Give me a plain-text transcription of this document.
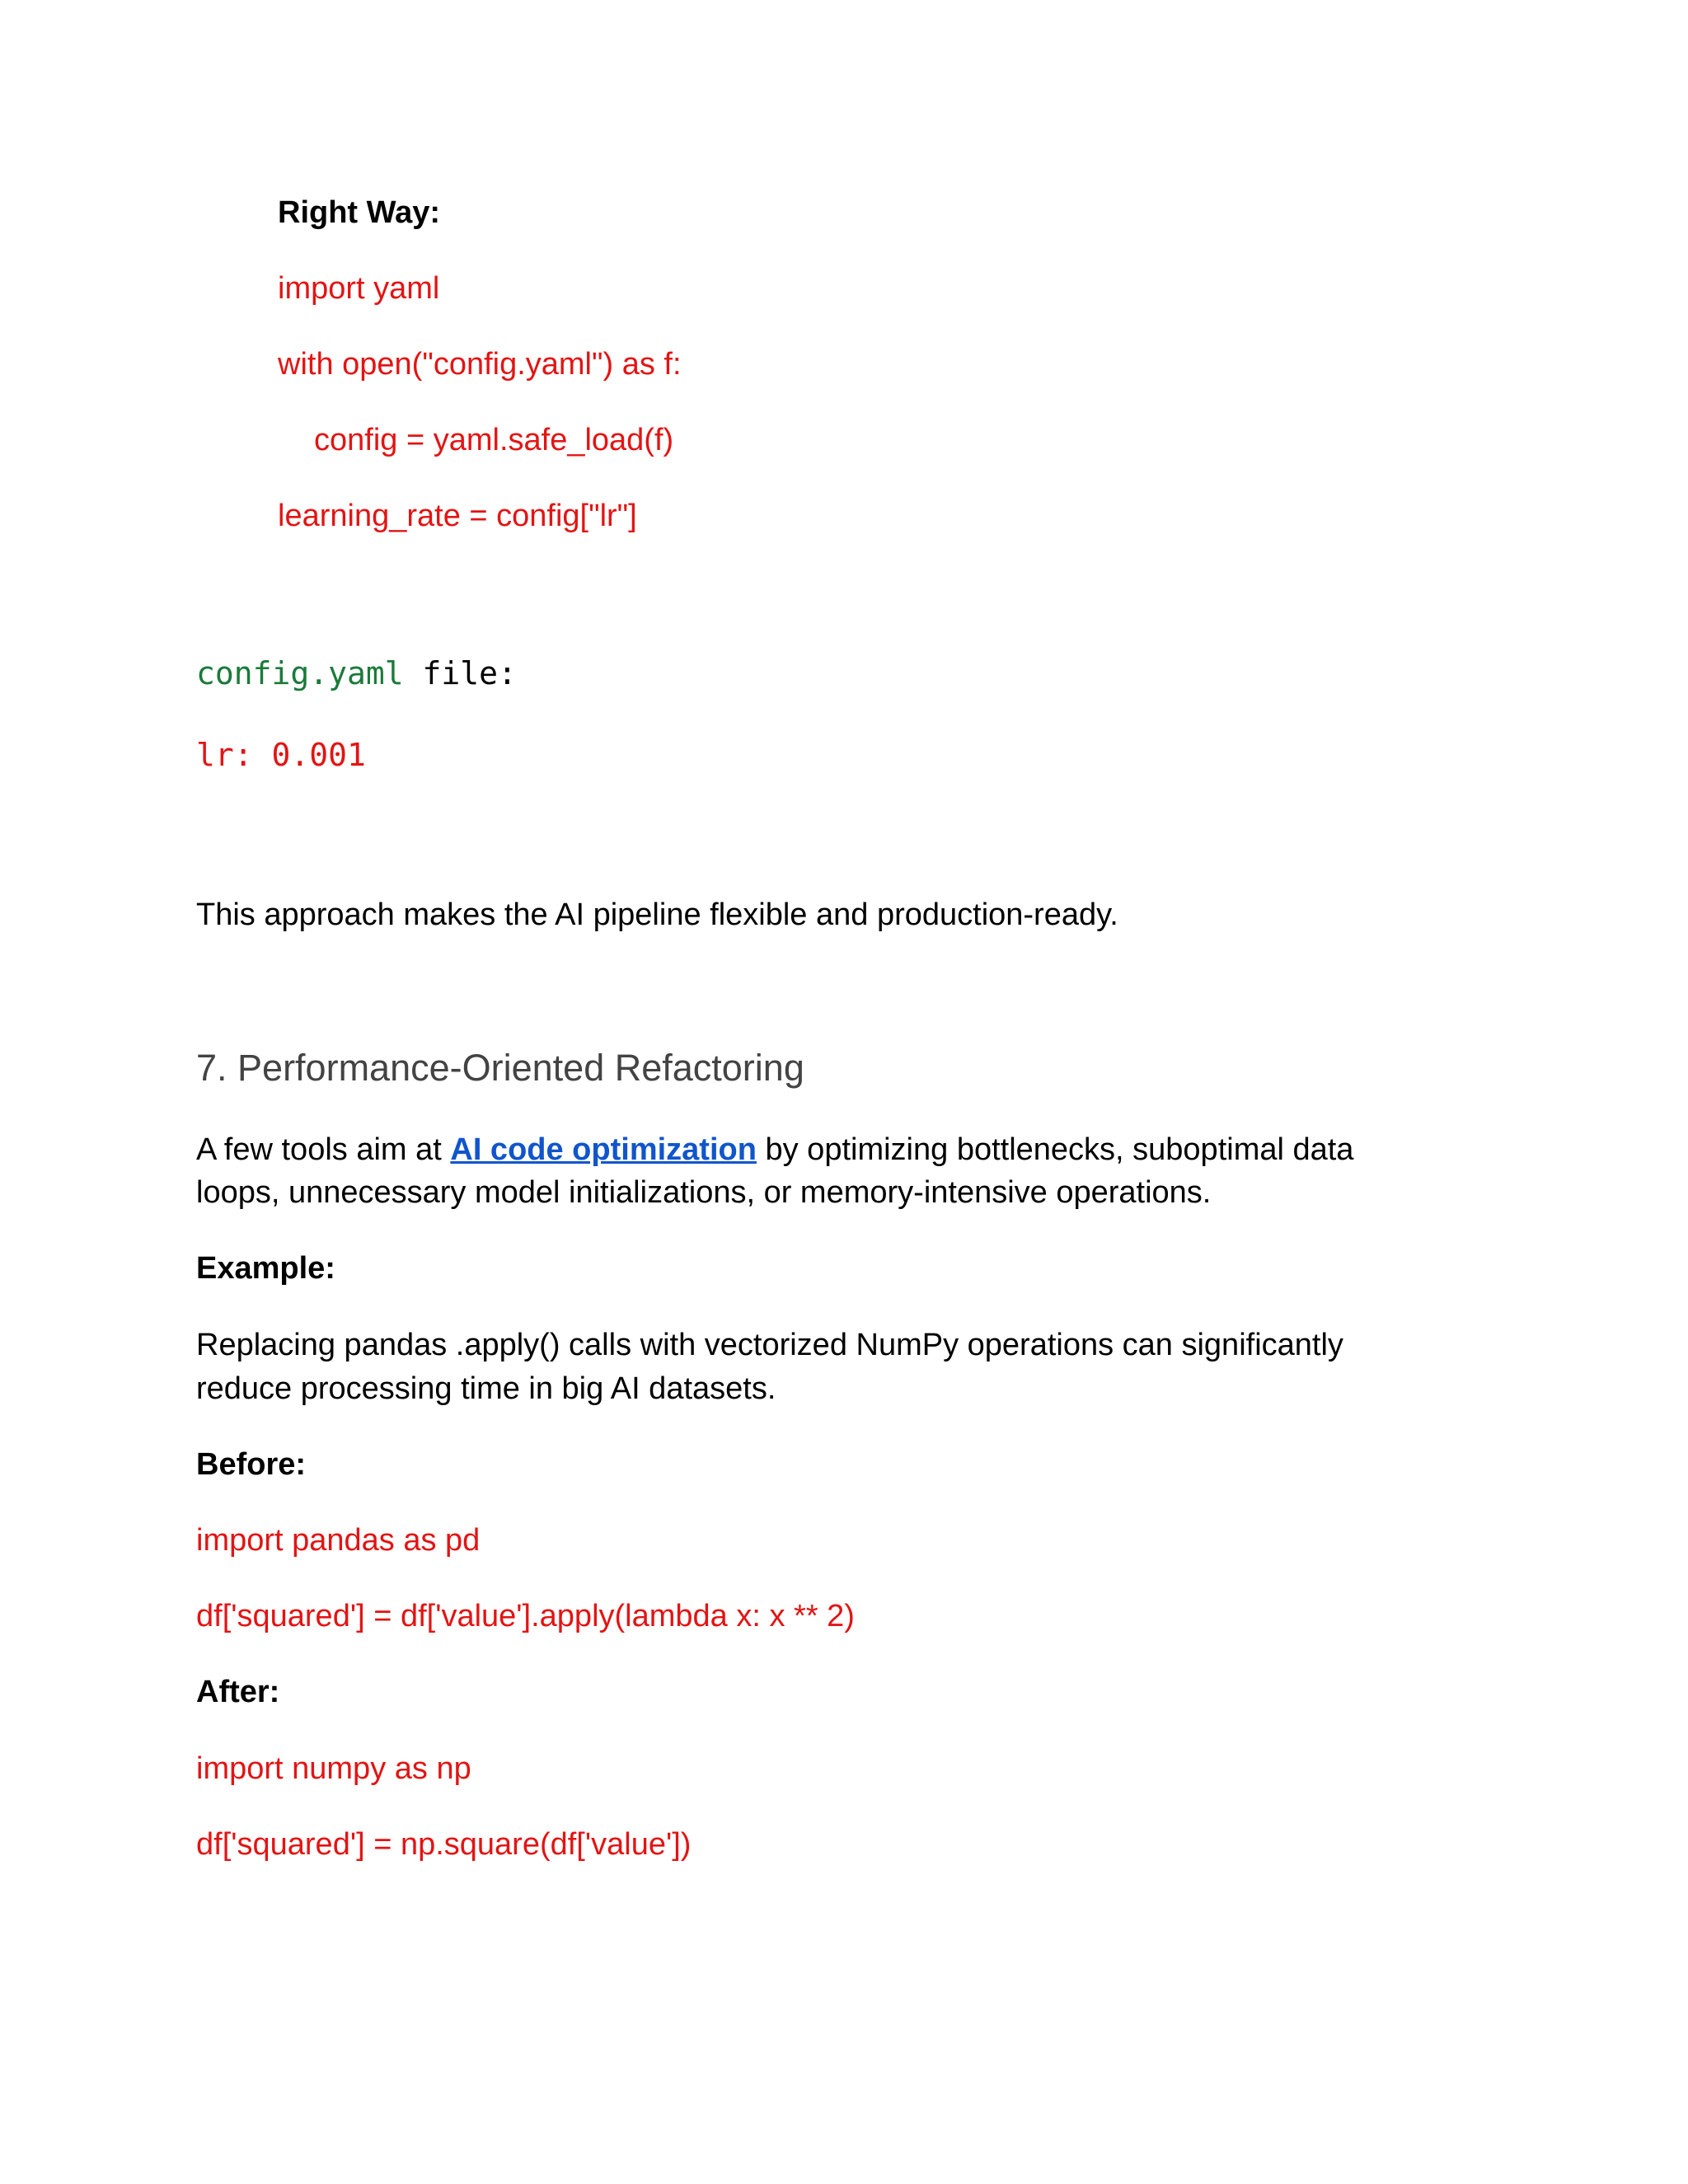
Right Way:
import yaml
with open("config.yaml") as f:
config = yaml.safe_load(f)
learning_rate = config["lr"]
config.yaml file:
lr: 0.001
This approach makes the AI pipeline flexible and production-ready.
7. Performance-Oriented Refactoring
A few tools aim at AI code optimization by optimizing bottlenecks, suboptimal data
loops, unnecessary model initializations, or memory-intensive operations.
Example:
Replacing pandas .apply() calls with vectorized NumPy operations can significantly
reduce processing time in big AI datasets.
Before:
import pandas as pd
df['squared'] = df['value'].apply(lambda x: x ** 2)
After:
import numpy as np
df['squared'] = np.square(df['value'])
